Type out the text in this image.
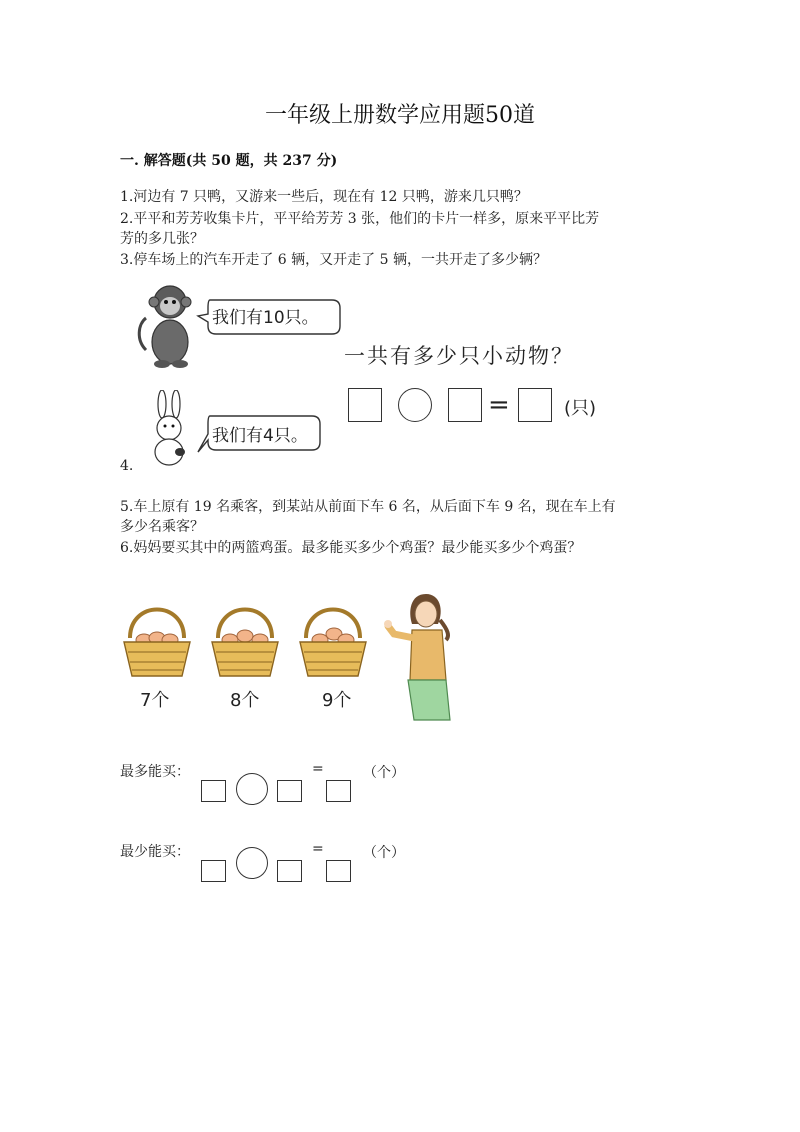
一年级上册数学应用题50道
一. 解答题(共 50 题，共 237 分)
1.河边有 7 只鸭，又游来一些后，现在有 12 只鸭，游来几只鸭？
2.平平和芳芳收集卡片，平平给芳芳 3 张，他们的卡片一样多，原来平平比芳
芳的多几张？
3.停车场上的汽车开走了 6 辆，又开走了 5 辆，一共开走了多少辆？
我们有10只。
我们有4只。
一共有多少只小动物？
=	(只)
4.
5.车上原有 19 名乘客，到某站从前面下车 6 名，从后面下车 9 名，现在车上有
多少名乘客？
6.妈妈要买其中的两篮鸡蛋。最多能买多少个鸡蛋？最少能买多少个鸡蛋？
7个	8个	9个
最多能买：	=	（个）
最少能买：	=	（个）
